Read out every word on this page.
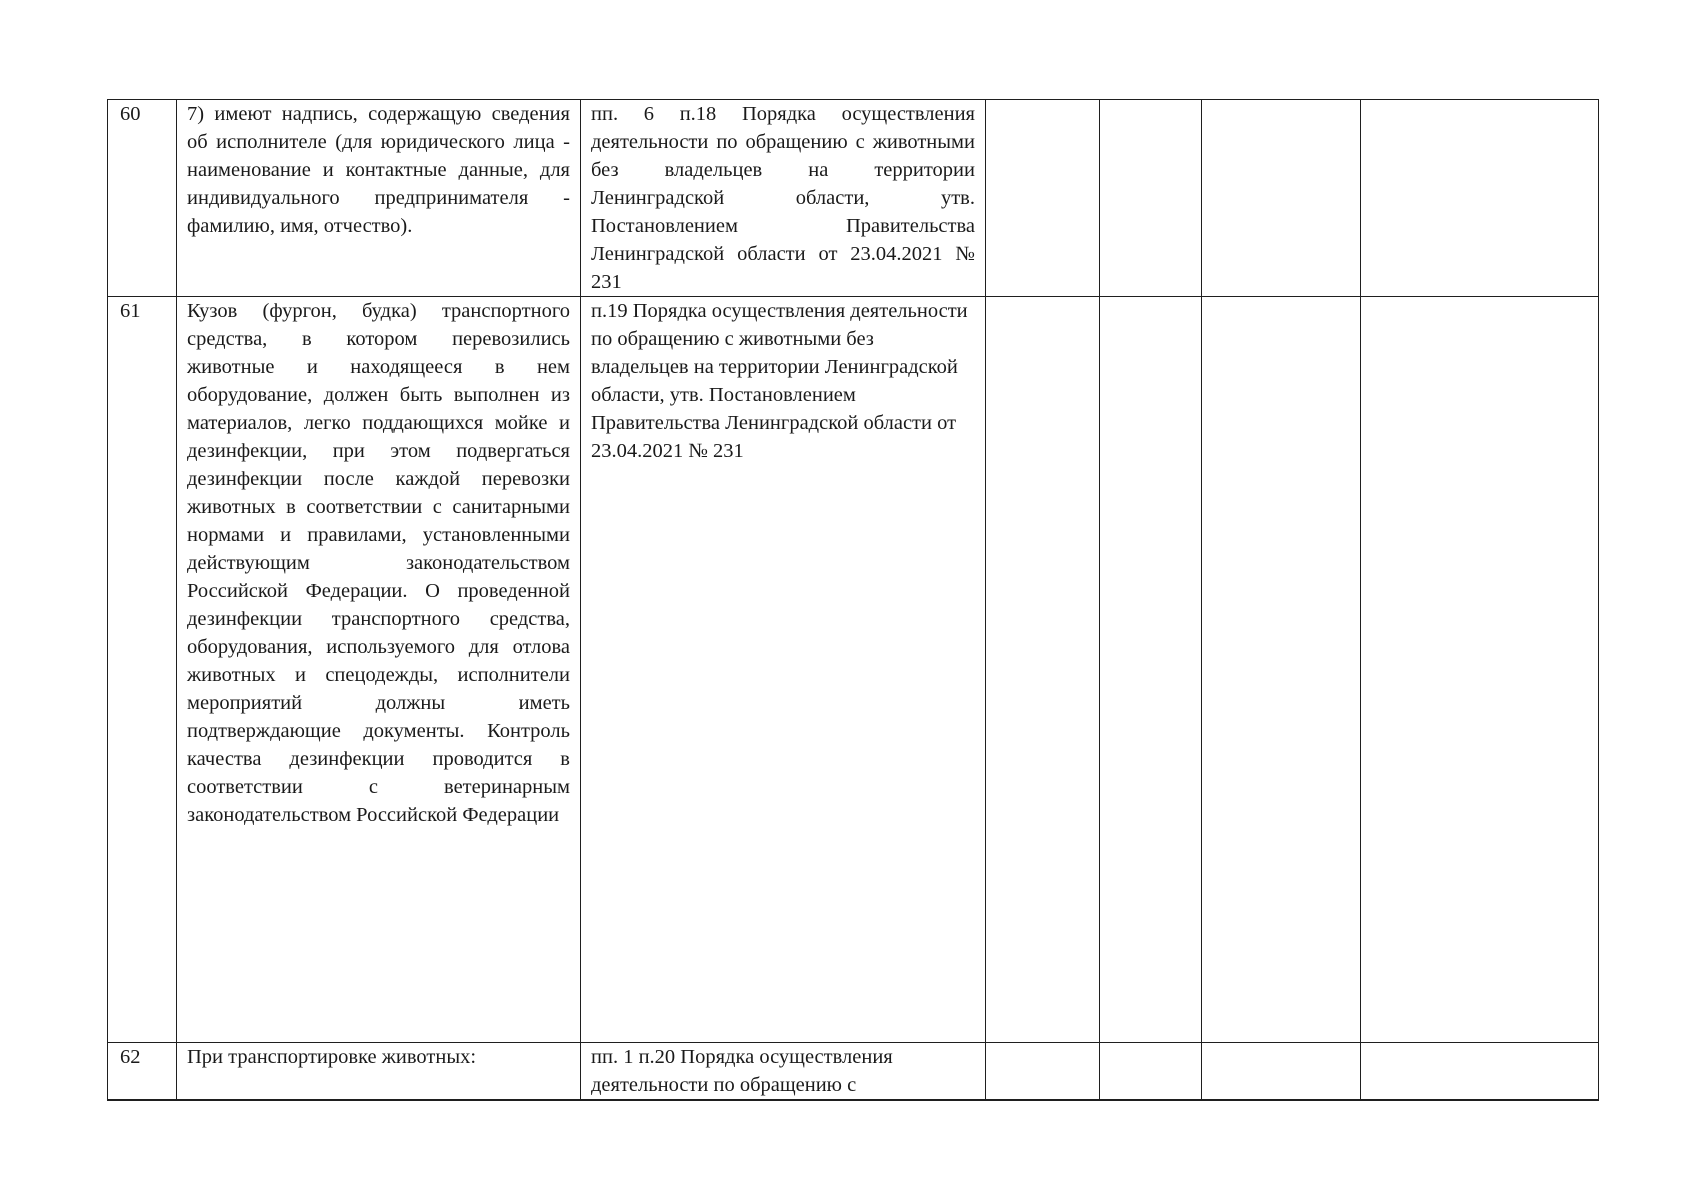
60	7) имеют надпись, содержащую сведения об исполнителе (для юридического лица - наименование и контактные данные, для индивидуального предпринимателя - фамилию, имя, отчество).	пп. 6 п.18 Порядка осуществления деятельности по обращению с животными без владельцев на территории Ленинградской области, утв. Постановлением Правительства Ленинградской области от 23.04.2021 № 231				
61	Кузов (фургон, будка) транспортного средства, в котором перевозились животные и находящееся в нем оборудование, должен быть выполнен из материалов, легко поддающихся мойке и дезинфекции, при этом подвергаться дезинфекции после каждой перевозки животных в соответствии с санитарными нормами и правилами, установленными действующим законодательством Российской Федерации. О проведенной дезинфекции транспортного средства, оборудования, используемого для отлова животных и спецодежды, исполнители мероприятий должны иметь подтверждающие документы. Контроль качества дезинфекции проводится в соответствии с ветеринарным законодательством Российской Федерации	п.19 Порядка осуществления деятельности по обращению с животными без владельцев на территории Ленинградской области, утв. Постановлением Правительства Ленинградской области от 23.04.2021 № 231				
62	При транспортировке животных:	пп. 1 п.20 Порядка осуществления деятельности по обращению с				
